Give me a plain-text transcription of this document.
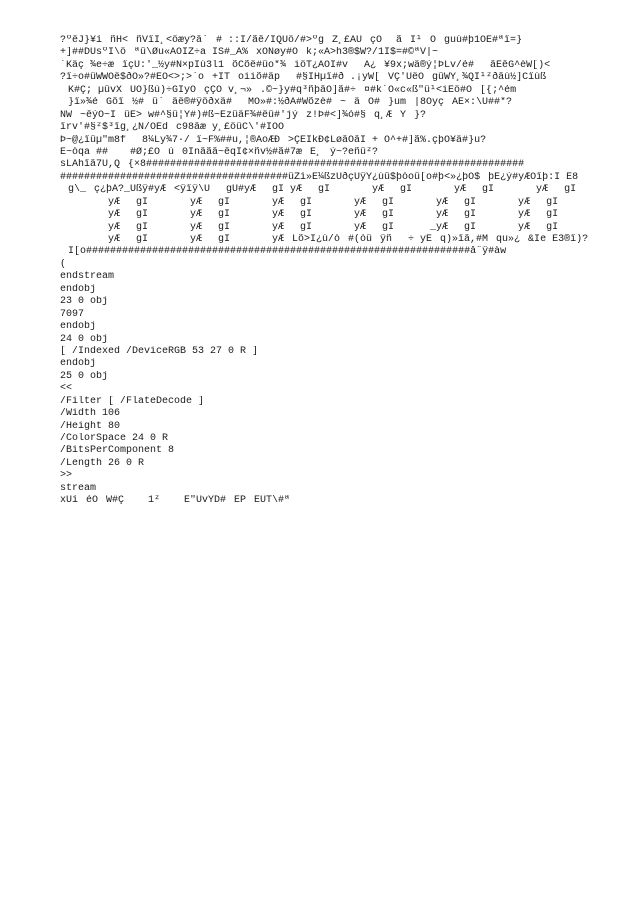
?ºêJ}¥íñH<ñVïÎ¸<öæy?â`# ::Ï/ãê/ÍQÜö/#>ºgZ¸£AÛçÓ¯ãÎ¹Õguù#þ1ÕË#ªï=}
+]##DUsºÎ\öªû\Øu«ÄÓÎZ÷a ÏS#_Â%xÕÑøy#Ök;«Â>h3®$W?/1Ï$=#©ªV|~
´Käç¯¾e÷æïçÜ:'_½y#Ñ×pÎù3l1õCõë#üo*¾iöT¿ÂÕÏ#vÄ¿¥9x;wä®ý¦ÞLv/é#âÊêG^èW[)<
?ï÷o#üWWÖë$ðO»?#ÊO<>;>`o+ÏToiiõ#äp#§ÏHµï#ð .¡yW[VÇ'ÜëÖgûWY¸¾QÏ¹²ðâù½]Cïùß
K#Ç; µûvXÛÕ}ßú)÷GÏyÕçÇÓ¯v¸¬».©~}y#q³ñþâÖ]ã#÷¤#k´Ö«c«ß"ü¹<iÉö#Õ[{;^ém
}ï»¾éGôï½#ü`äë®#ÿöðxä#MÕ»#:½ðÃ#Wõzè#~äÖ#}um|8ÔyçÂË×:\Û##*?
ÑW~êýÖ~ÏüE>¯w#^§ü¦Ÿ#)#ß~ÈzüäF¾#ëû#'jýz!Þ#<]¾ó#§q¸ÆÝ}?
îrv'#§²$³îg¸¿N/ÖËdc98âæ¯y¸£öüC\'#ÏÖÕ
Þ~@¿ïûµ"m8f8¼Ly¾7·/ ï~F%##u,¦®AoÆÐ>ÇÊÎkÐ¢LøâÓâÏ + Ó^+#]ã%.çþÖ¥ä#}u?
Ê~òqa¯## #Ø;£Öú0Înâãâ~êqÎ¢×ñv½#ã#7æË¸ý~?eñû²?
sLÄhîâ7Ü,Q{×8###############################################################
######################################üZì»É¼ßzÛðçÛÿÝ¿ùû$þòoû[o#þ<»¿þÓ$þÈ¿ý#yÆÖîþ:I È8
g\_ç¿þÂ?_Ûßÿ#yÆ<ÿïÿ\ÛgÛ#yÆgÎ yÆgÎ       yÆgÎ       yÆgÎ       yÆgÎ
yÆgÎ       yÆgÎ       yÆgÎ       yÆgÎ       yÆgÎ       yÆgÎ
yÆgÎ       yÆgÎ       yÆgÎ       yÆgÎ       yÆgÎ       yÆgÎ
yÆgÎ       yÆgÎ       yÆgÎ       yÆgÎ      _yÆgÎ       yÆgÎ
yÆgÎ       yÆgÎ       yÆLõ>Ï¿ù/ò#(óüÿñ÷¯yÈq)»îâ,#Mqu»¿&Îe É3®î)?
Ï[o################################################################å¨ÿ#àw
(
endstream
endobj
23 0 obj
7097
endobj
24 0 obj
[ /Indexed /DeviceRGB 53 27 0 R ]
endobj
25 0 obj
<<
/Filter [ /FlateDecode ]
/Width 106
/Height 80
/ColorSpace 24 0 R
/BitsPerComponent 8
/Length 26 0 R
>>
stream
xÚíéÒW#Ç1²    Ê"UvYD#EPEÙT\#ª
